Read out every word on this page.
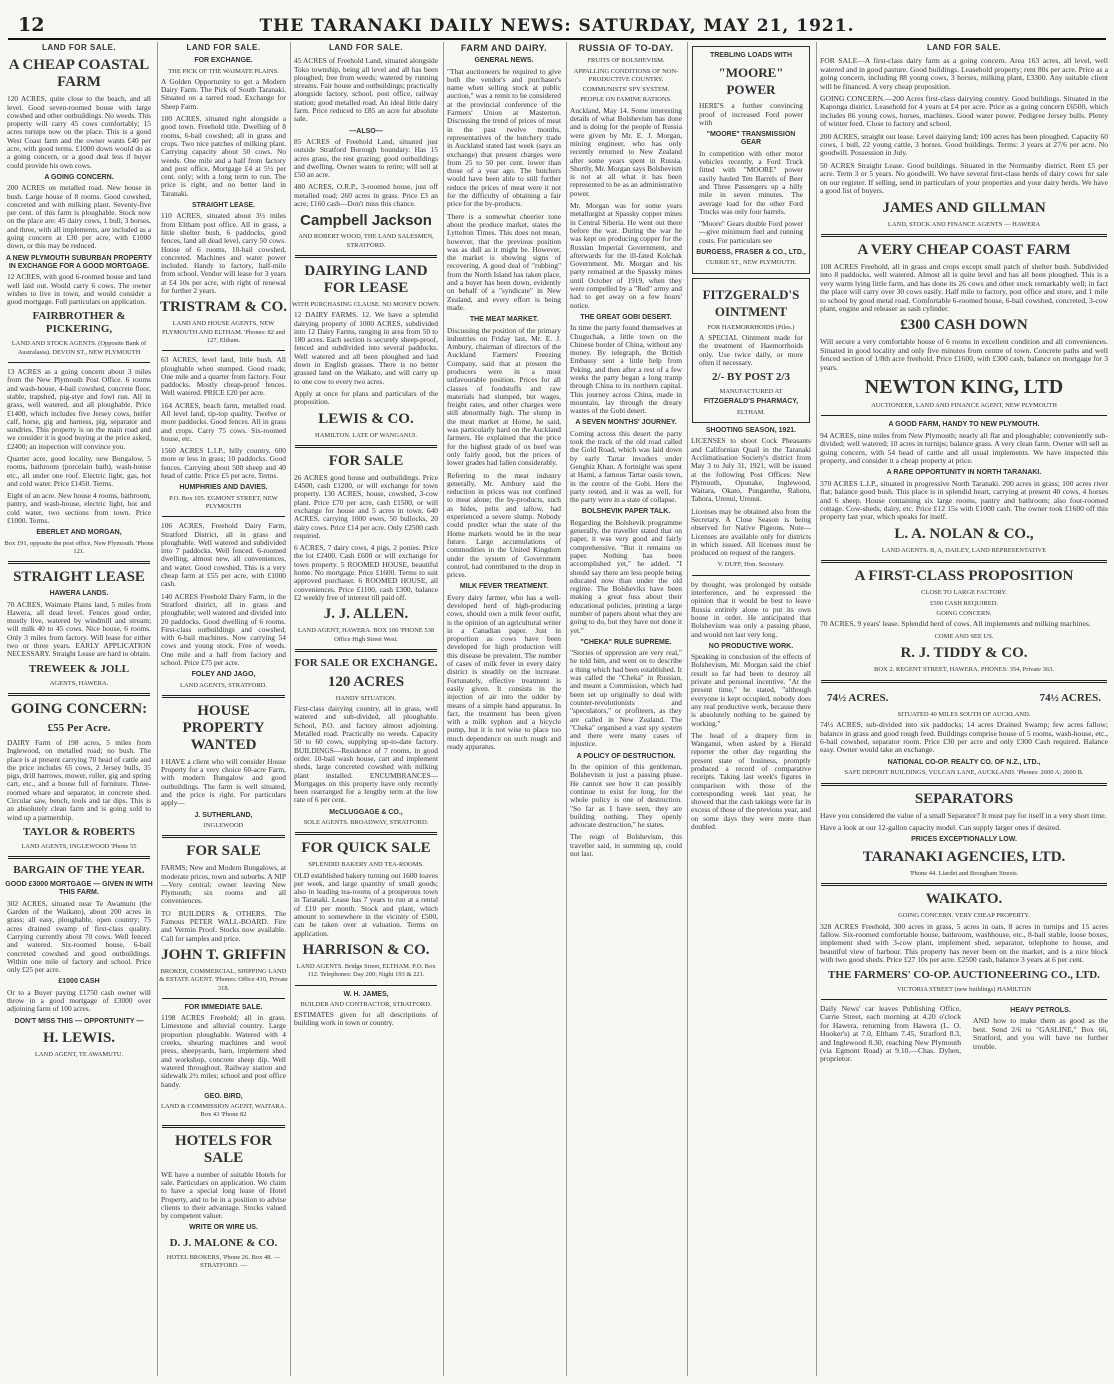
12	THE TARANAKI DAILY NEWS: SATURDAY, MAY 21, 1921.
LAND FOR SALE.
A CHEAP COASTAL FARM

120 ACRES, quite close to the beach, and all level. Good seven-roomed house with large cowshed and other outbuildings. No weeds. This property will carry 45 cows comfortably; 15 acres turnips now on the place. This is a good West Coast farm and the owner wants £40 per acre, with good terms. £1000 down would do as a going concern, or a good deal less if buyer could provide his own cows.

A GOING CONCERN.

200 ACRES on metalled road. New house in bush. Large house of 8 rooms. Good cowshed, concreted and with milking plant. Seventy-five per cent. of this farm is ploughable. Stock now on the place are: 45 dairy cows, 1 bull, 3 horses, and three, with all implements, are included as a going concern at £30 per acre, with £1000 down, or this may be reduced.

A NEW PLYMOUTH SUBURBAN PROPERTY IN EXCHANGE FOR A GOOD MORTGAGE.

12 ACRES, with good 6-roomed house and land well laid out. Would carry 6 cows. The owner wishes to live in town, and would consider a good mortgage. Full particulars on application.

FAIRBROTHER & PICKERING,
LAND AND STOCK AGENTS. (Opposite Bank of Australasia). DEVON ST., NEW PLYMOUTH

13 ACRES as a going concern about 3 miles from the New Plymouth Post Office. 6 rooms and wash-house, 4-bail cowshed, concrete floor, stable, trapshed, pig-stye and fowl run. All in grass, well watered, and all ploughable. Price £1400, which includes five Jersey cows, heifer calf, horse, gig and harness, pig, separator and sundries. This property is on the main road and we consider it is good buying at the price asked, £2400; an inspection will convince you.

Quarter acre, good locality, new Bungalow, 5 rooms, bathroom (porcelain bath), wash-house etc., all under one roof. Electric light, gas, hot and cold water. Price £1450. Terms.

Eight of an acre. New house 4 rooms, bathroom, pantry, and wash-house, electric light, hot and cold water, two sections from town. Price £1000. Terms.

EBERLET AND MORGAN,
Box 191, opposite the post office, New Plymouth. 'Phone 121.
STRAIGHT LEASE
HAWERA LANDS.

70 ACRES, Waimate Plains land, 5 miles from Hawera, all dead level. Fences good order, mostly live, watered by windmill and stream; will milk 40 to 45 cows. Nice house, 6 rooms. Only 3 miles from factory. Will lease for either two or three years. EARLY APPLICATION NECESSARY. Straight Lease are hard to obtain.

TREWEEK & JOLL
AGENTS, HAWERA.
GOING CONCERN:
£55 Per Acre.

DAIRY Farm of 198 acres, 5 miles from Inglewood, on metalled road; no bush. The place is at present carrying 70 head of cattle and the price includes 65 cows, 2 Jersey bulls, 35 pigs, drill harrows, mower, roller, gig and spring cart, etc., and a house full of furniture. Three-roomed whare and separator, in concrete shed. Circular saw, bench, tools and tar dips. This is an absolutely clean farm and is going sold to wind up a partnership.

TAYLOR & ROBERTS
LAND AGENTS, INGLEWOOD 'Phone 55
BARGAIN OF THE YEAR.
GOOD £3000 MORTGAGE — GIVEN IN WITH THIS FARM.

302 ACRES, situated near Te Awamutu (the Garden of the Waikato), about 200 acres in grass; all easy, ploughable, open country; 75 acres drained swamp of first-class quality. Carrying currently about 70 cows. Well fenced and watered. Six-roomed house, 6-bail concreted cowshed and good outbuildings. Within one mile of factory and school. Price only £25 per acre.

£1000 CASH

Or to a Buyer paying £1750 cash owner will throw in a good mortgage of £3000 over adjoining farm of 100 acres.

DON'T MISS THIS — OPPORTUNITY —
H. LEWIS.
LAND AGENT, TE AWAMUTU.
LAND FOR SALE.
FOR EXCHANGE.
THE PICK OF THE WAIMATE PLAINS.

A Golden Opportunity to get a Modern Dairy Farm. The Pick of South Taranaki. Situated on a tarred road. Exchange for Sheep Farm.

100 ACRES, situated right alongside a good town. Freehold title. Dwelling of 8 rooms, 6-bail cowshed; all in grass and crops. Two nice patches of milking plant. Carrying capacity about 50 cows. No weeds. One mile and a half from factory and post office. Mortgage £4 at 5½ per cent. only; with a long term to run. The price is right, and no better land in Taranaki.

STRAIGHT LEASE.

110 ACRES, situated about 3½ miles from Eltham post office. All in grass, a little shelter bush, 6 paddocks, good fences, land all dead level, carry 50 cows. House of 6 rooms, 10-bail cowshed, concreted. Machines and water power included. Handy to factory, half-mile from school. Vendor will lease for 3 years at £4 10s per acre, with right of renewal for further 2 years.

TRISTRAM & CO.
LAND AND HOUSE AGENTS, NEW PLYMOUTH AND ELTHAM. 'Phones: 82 and 127, Eltham.

63 ACRES, level land, little bush. All ploughable when stumped. Good roads; One mile and a quarter from factory. Four paddocks. Mostly cheap-proof fences. Well watered. PRICE £20 per acre.

164 ACRES, beach farm, metalled road. All level land, tip-top quality. Twelve or more paddocks. Good fences. All in grass and crops. Carry 75 cows. Six-roomed house, etc.

1560 ACRES L.I.P., hilly country, 600 more or less in grass; 10 paddocks. Good fences. Carrying about 500 sheep and 40 head of cattle. Price £5 per acre. Terms.

HUMPHRIES AND DAVIES.
P.O. Box 105. EGMONT STREET, NEW PLYMOUTH

106 ACRES, Freehold Dairy Farm, Stratford District, all in grass and ploughable. Well watered and subdivided into 7 paddocks. Well fenced. 6-roomed dwelling, almost new, all conveniences, and water. Good cowshed. This is a very cheap farm at £55 per acre, with £1000 cash.

140 ACRES Freehold Dairy Farm, in the Stratford district, all in grass and ploughable; well watered and divided into 20 paddocks. Good dwelling of 6 rooms. First-class outbuildings and cowshed, with 6-bail machines. Now carrying 54 cows and young stock. Free of weeds. One mile and a half from factory and school. Price £75 per acre.

FOLEY AND JAGO,
LAND AGENTS, STRATFORD.
HOUSE PROPERTY WANTED

I HAVE a client who will consider House Property for a very choice 60-acre Farm, with modern Bungalow and good outbuildings. The farm is well situated, and the price is right. For particulars apply—

J. SUTHERLAND,
INGLEWOOD
FOR SALE

FARMS; New and Modern Bungalows, at moderate prices, town and suburbs. A NIP—Very central; owner leaving New Plymouth; six rooms and all conveniences.

TO BUILDERS & OTHERS. The Famous PETER WALL-BOARD. Fire and Vermin Proof. Stocks now available. Call for samples and price.

JOHN T. GRIFFIN
BROKER, COMMERCIAL, SHIPPING LAND & ESTATE AGENT. 'Phones: Office 410, Private 318.
FOR IMMEDIATE SALE.

1198 ACRES Freehold; all in grass. Limestone and alluvial country. Large proportion ploughable. Watered with 4 creeks, shearing machines and wool press, sheepyards, barn, implement shed and workshop, concrete sheep dip. Well watered throughout. Railway station and sidewalk 2½ miles; school and post office handy.

GEO. BIRD,
LAND & COMMISSION AGENT, WAITARA. Box 43 'Phone 82
HOTELS FOR SALE

WE have a number of suitable Hotels for sale. Particulars on application. We claim to have a special long lease of Hotel Property, and to be in a position to advise clients to their advantage. Stocks valued by competent valuer.

WRITE OR WIRE US.
D. J. MALONE & CO.
HOTEL BROKERS, 'Phone 26. Box 48. — STRATFORD. —
LAND FOR SALE.

45 ACRES of Freehold Land, situated alongside Toko township, being all level and all has been ploughed; free from weeds; watered by running streams. Fair house and outbuildings; practically alongside factory, school, post office, railway station; good metalled road. An ideal little dairy farm. Price reduced to £85 an acre for absolute sale.

—ALSO—

85 ACRES of Freehold Land, situated just outside Stratford Borough boundary. Has 15 acres grass, the rest grazing; good outbuildings and dwelling. Owner wants to retire; will sell at £50 an acre.

480 ACRES, O.R.P., 3-roomed house, just off metalled road; 260 acres in grass. Price £3 an acre; £160 cash—Don't miss this chance.

Campbell Jackson
AND ROBERT WOOD, THE LAND SALESMEN, STRATFORD.
DAIRYING LAND FOR LEASE
WITH PURCHASING CLAUSE. NO MONEY DOWN.

12 DAIRY FARMS. 12. We have a splendid dairying property of 1000 ACRES, subdivided into 12 Dairy Farms, ranging in area from 50 to 180 acres. Each section is securely sheep-proof, fenced and subdivided into several paddocks. Well watered and all been ploughed and laid down in English grasses. There is no better grassed land on the Waikato, and will carry up to one cow to every two acres.

Apply at once for plans and particulars of the proposition.

LEWIS & CO.
HAMILTON. LATE OF WANGANUI.
FOR SALE

26 ACRES good house and outbuildings. Price £4500, cash £1200, or will exchange for town property. 130 ACRES, house, cowshed, 3-cow plant. Price £70 per acre, cash £1500, or will exchange for house and 5 acres in town. 640 ACRES, carrying 1000 ewes, 50 bullocks, 20 dairy cows. Price £14 per acre. Only £2500 cash required.

6 ACRES, 7 dairy cows, 4 pigs, 2 ponies. Price the lot £2400. Cash £600 or will exchange for town property. 5 ROOMED HOUSE, beautiful home. No mortgage. Price £1600. Terms to suit approved purchaser. 6 ROOMED HOUSE, all conveniences. Price £1100, cash £300, balance £2 weekly free of interest till paid off.

J. J. ALLEN.
LAND AGENT, HAWERA. BOX 106 'PHONE 538 Office High Street West.
FOR SALE OR EXCHANGE.
120 ACRES
HANDY SITUATION.

First-class dairying country, all in grass, well watered and sub-divided, all ploughable. School, P.O. and factory almost adjoining. Metalled road. Practically no weeds. Capacity 50 to 60 cows, supplying up-to-date factory. BUILDINGS—Residence of 7 rooms, in good order. 10-bail wash house, cart and implement sheds, large concreted cowshed with milking plant installed. ENCUMBRANCES—Mortgages on this property have only recently been rearranged for a lengthy term at the low rate of 6 per cent.

McCLUGGAGE & CO.,
SOLE AGENTS. BROADWAY, STRATFORD.
FOR QUICK SALE
SPLENDID BAKERY AND TEA-ROOMS.

OLD established bakery turning out 1600 loaves per week, and large quantity of small goods; also in leading tea-rooms of a prosperous town in Taranaki. Lease has 7 years to run at a rental of £10 per month. Stock and plant, which amount to somewhere in the vicinity of £500, can be taken over at valuation. Terms on application.

HARRISON & CO.
LAND AGENTS. Bridge Street, ELTHAM. P.O. Box 112. Telephones: Day 200; Night 193 & 221.
W. H. JAMES,
BUILDER AND CONTRACTOR, STRATFORD.

ESTIMATES given for all descriptions of building work in town or country.

FARM AND DAIRY.
GENERAL NEWS.

"That auctioneers be required to give both the vendor's and purchaser's name when selling stock at public auction," was a remit to be considered at the provincial conference of the Farmers' Union at Masterton. Discussing the trend of prices of meat in the past twelve months, representatives of the butchery trade in Auckland stated last week (says an exchange) that present charges were from 25 to 50 per cent. lower than those of a year ago. The butchers would have been able to still further reduce the prices of meat were it not for the difficulty of obtaining a fair price for the by-products.

There is a somewhat cheerier tone about the produce market, states the Lyttelton Times. This does not mean, however, that the previous position was as dull as it might be. However, the market is showing signs of recovering. A good deal of "rubbing" from the North Island has taken place, and a buyer has been down, evidently on behalf of a "syndicate" in New Zealand, and every effort is being made.

THE MEAT MARKET.

Discussing the position of the primary industries on Friday last, Mr. E. J. Ambury, chairman of directors of the Auckland Farmers' Freezing Company, said that at present the producers were in a most unfavourable position. Prices for all classes of foodstuffs and raw materials had slumped, but wages, freight rates, and other charges were still abnormally high. The slump in the meat market at Home, he said, was particularly hard on the Auckland farmers. He explained that the price for the highest grade of ox beef was only fairly good, but the prices of lower grades had fallen considerably.

Referring to the meat industry generally, Mr. Ambury said the reduction in prices was not confined to meat alone; the by-products, such as hides, pelts and tallow, had experienced a severe slump. Nobody could predict what the state of the Home markets would be in the near future. Large accumulations of commodities in the United Kingdom under the system of Government control, had contributed to the drop in prices.

MILK FEVER TREATMENT.

Every dairy farmer, who has a well-developed herd of high-producing cows, should own a milk fever outfit, is the opinion of an agricultural writer in a Canadian paper. Just in proportion as cows have been developed for high production will this disease be prevalent. The number of cases of milk fever in every dairy district is steadily on the increase. Fortunately, effective treatment is easily given. It consists in the injection of air into the udder by means of a simple hand apparatus. In fact, the treatment has been given with a milk syphon and a bicycle pump, but it is not wise to place too much dependence on such rough and ready apparatus.

RUSSIA OF TO-DAY.
FRUITS OF BOLSHEVISM.
APPALLING CONDITIONS OF NON-PRODUCTIVE COUNTRY.
COMMUNISTS' SPY SYSTEM.
PEOPLE ON FAMINE RATIONS.

Auckland, May 14. Some interesting details of what Bolshevism has done and is doing for the people of Russia were given by Mr. E. J. Morgan, mining engineer, who has only recently returned to New Zealand after some years spent in Russia. Shortly, Mr. Morgan says Bolshevism is not at all what it has been represented to be as an administrative power.

Mr. Morgan was for some years metallurgist at Spassky copper mines in Central Siberia. He went out there before the war. During the war he was kept on producing copper for the Russian Imperial Government, and afterwards for the ill-fated Kolchak Government. Mr. Morgan and his party remained at the Spassky mines until October of 1919, when they were compelled by a "Red" army and had to get away on a few hours' notice.

THE GREAT GOBI DESERT.

In time the party found themselves at Chuguchak, a little town on the Chinese border of China, without any money. By telegraph, the British Embassy sent a little help from Peking, and then after a rest of a few weeks the party began a long tramp through China to its northern capital. This journey across China, made in mountain, lay through the dreary wastes of the Gobi desert.

A SEVEN MONTHS' JOURNEY.

Coming across this desert the party took the track of the old road called the Gold Road, which was laid down by early Tartar invaders under Genghiz Khan. A fortnight was spent at Hami, a famous Tartar oasis town, in the centre of the Gobi. Here the party rested, and it was as well, for the party were in a state of collapse.

BOLSHEVIK PAPER TALK.

Regarding the Bolshevik programme generally, the traveller stated that on paper, it was very good and fairly comprehensive. "But it remains on paper. Nothing has been accomplished yet," he added. "I should say there are less people being educated now than under the old regime. The Bolsheviks have been making a great fuss about their educational policies, printing a large number of papers about what they are going to do, but they have not done it yet."

"CHEKA" RULE SUPREME.

"Stories of oppression are very real," he told him, and went on to describe a thing which had been established. It was called the "Cheka" in Russian, and meant a Commission, which had been set up originally to deal with counter-revolutionists and "speculators," or profiteers, as they are called in New Zealand. The "Cheka" organised a vast spy system and there were many cases of injustice.

A POLICY OF DESTRUCTION.

In the opinion of this gentleman, Bolshevism is just a passing phase. He cannot see how it can possibly continue to exist for long, for the whole policy is one of destruction. "So far as I have seen, they are building nothing. They openly advocate destruction," he states.

The reign of Bolshevism, this traveller said, in summing up, could not last.

TREBLING LOADS WITH
"MOORE" POWER

HERE'S a further convincing proof of increased Ford power with

"MOORE" TRANSMISSION GEAR

In competition with other motor vehicles recently, a Ford Truck fitted with "MOORE" power easily hauled Ten Barrels of Beer and Three Passengers up a hilly mile in seven minutes. The average load for the other Ford Trucks was only four barrels.

"Moore" Gears double Ford power—give minimum fuel and running costs. For particulars see

BURGESS, FRASER & CO., LTD.,
CURRIE ST., NEW PLYMOUTH.
FITZGERALD'S OINTMENT
FOR HAEMORRHOIDS (Piles.)

A SPECIAL Ointment made for the treatment of Haemorrhoids only. Use twice daily, or more often if necessary.

2/- BY POST 2/3
MANUFACTURED AT
FITZGERALD'S PHARMACY,
ELTHAM.
SHOOTING SEASON, 1921.

LICENSES to shoot Cock Pheasants and Californian Quail in the Taranaki Acclimatisation Society's district from May 3 to July 31, 1921, will be issued at the following Post Offices: New Plymouth, Opunake, Inglewood, Waitara, Okato, Pungarehu, Rahotu, Tahora, Urenui, Urenui.

Licenses may be obtained also from the Secretary. A Close Season is being observed for Native Pigeons. Note—Licenses are available only for districts in which issued. All licenses must be produced on request of the rangers.

V. DUFF, Hon. Secretary.

by thought, was prolonged by outside interference, and he expressed the opinion that it would be best to leave Russia entirely alone to put its own house in order. He anticipated that Bolshevism was only a passing phase, and would not last very long.

NO PRODUCTIVE WORK.

Speaking in conclusion of the effects of Bolshevism, Mr. Morgan said the chief result so far had been to destroy all private and personal incentive. "At the present time," he stated, "although everyone is kept occupied, nobody does any real productive work, because there is absolutely nothing to be gained by working."

The head of a drapery firm in Wanganui, when asked by a Herald reporter the other day regarding the present state of business, promptly produced a record of comparative receipts. Taking last week's figures in comparison with those of the corresponding week last year, he showed that the cash takings were far in excess of those of the previous year, and on some days they were more than doubled.

LAND FOR SALE.

FOR SALE—A first-class dairy farm as a going concern. Area 163 acres, all level, well watered and in good pasture. Good buildings. Leasehold property; rent 80s per acre. Price as a going concern, including 88 young cows, 3 horses, milking plant, £3300. Any suitable client will be financed. A very cheap proposition.

GOING CONCERN.—200 Acres first-class dairying country. Good buildings. Situated in the Kaponga district. Leasehold for 4 years at £4 per acre. Price as a going concern £6500, which includes 86 young cows, horses, machines. Good water power. Pedigree Jersey bulls. Plenty of winter feed. Close to factory and school.

200 ACRES, straight out lease. Level dairying land; 100 acres has been ploughed. Capacity 60 cows, 1 bull, 22 young cattle, 3 horses. Good buildings. Terms: 3 years at 27/6 per acre. No goodwill. Possession in July.

50 ACRES Straight Lease. Good buildings. Situated in the Normanby district. Rent £5 per acre. Term 3 or 5 years. No goodwill. We have several first-class herds of dairy cows for sale on our register. If selling, send in particulars of your properties and your dairy herds. We have a good list of buyers.

JAMES AND GILLMAN
LAND, STOCK AND FINANCE AGENTS — HAWERA
A VERY CHEAP COAST FARM

108 ACRES Freehold, all in grass and crops except small patch of shelter bush. Subdivided into 8 paddocks, well watered. Almost all is quite level and has all been ploughed. This is a very warm lying little farm, and has done its 26 cows and other stock remarkably well; in fact the place will carry over 30 cows easily. Half mile to factory, post office and store, and 1 mile to school by good metal road. Comfortable 6-roomed house, 6-bail cowshed, concreted, 3-cow plant, engine and releaser as sash cylinder.

£300 CASH DOWN

Will secure a very comfortable house of 6 rooms in excellent condition and all conveniences. Situated in good locality and only five minutes from centre of town. Concrete paths and well fenced section of 1/8th acre freehold. Price £1600, with £300 cash, balance on mortgage for 3 years.

NEWTON KING, LTD
AUCTIONEER, LAND AND FINANCE AGENT, NEW PLYMOUTH
A GOOD FARM, HANDY TO NEW PLYMOUTH.

94 ACRES, nine miles from New Plymouth; nearly all flat and ploughable; conveniently sub-divided; well watered; 10 acres in turnips; balance grass. A very clean farm. Owner will sell as going concern, with 54 head of cattle and all usual implements. We have inspected this property, and consider it a cheap property at price.

A RARE OPPORTUNITY IN NORTH TARANAKI.

370 ACRES L.I.P., situated in progressive North Taranaki. 200 acres in grass; 100 acres river flat; balance good bush. This place is in splendid heart, carrying at present 40 cows, 4 horses and 6 sheep. House containing six large rooms, pantry and bathroom; also four-roomed cottage. Cow-sheds, dairy, etc. Price £12 15s with £1000 cash. The owner took £1600 off this property last year, which speaks for itself.

L. A. NOLAN & CO.,
LAND AGENTS. B, A, DAILEY, LAND REPRESENTATIVE
A FIRST-CLASS PROPOSITION
CLOSE TO LARGE FACTORY.
£500 CASH REQUIRED.
GOING CONCERN.

70 ACRES, 9 years' lease. Splendid herd of cows. All implements and milking machines.

COME AND SEE US.
R. J. TIDDY & CO.
BOX 2. REGENT STREET, HAWERA. PHONES: 354, Private 363.
74½ ACRES.	74½ ACRES.
SITUATED 40 MILES SOUTH OF AUCKLAND.

74½ ACRES, sub-divided into six paddocks; 14 acres Drained Swamp; few acres fallow; balance in grass and good rough feed. Buildings comprise house of 5 rooms, wash-house, etc., 6-bail cowshed, separator room. Price £30 per acre and only £300 Cash required. Balance easy. Owner would take an exchange.

NATIONAL CO-OP. REALTY CO. OF N.Z., LTD.,
SAFE DEPOSIT BUILDINGS, VULCAN LANE, AUCKLAND. 'Phones: 2600 A; 2600 B.
SEPARATORS

Have you considered the value of a small Separator? It must pay for itself in a very short time.

Have a look at our 12-gallon capacity model. Can supply larger ones if desired.

PRICES EXCEPTIONALLY LOW.
TARANAKI AGENCIES, LTD.
'Phone 44. Liardet and Brougham Streets.
WAIKATO.
GOING CONCERN. VERY CHEAP PROPERTY.

328 ACRES Freehold, 300 acres in grass, 5 acres in oats, 8 acres in turnips and 15 acres fallow. Six-roomed comfortable house, bathroom, washhouse, etc., 8-bail stable, loose boxes, implement shed with 3-cow plant, implement shed, separator, telephone to house, and beautiful view of harbour. This property has never been on the market, and is a nice block with two good sheds. Price £27 10s per acre. £2500 cash, balance 3 years at 6 per cent.

THE FARMERS' CO-OP. AUCTIONEERING CO., LTD.
VICTORIA STREET (new buildings) HAMILTON

Daily News' car leaves Publishing Office, Currie Street, each morning at 4.20 o'clock for Hawera, returning from Hawera (L. O. Hooker's) at 7.0, Eltham 7.45, Stratford 8.3, and Inglewood 8.30, reaching New Plymouth (via Egmont Road) at 9.10.—Chas. Dyhen, proprietor.

HEAVY PETROLS.

AND how to make them as good as the best. Send 2/6 to "GASLINE," Box 66, Stratford, and you will have no further trouble.
